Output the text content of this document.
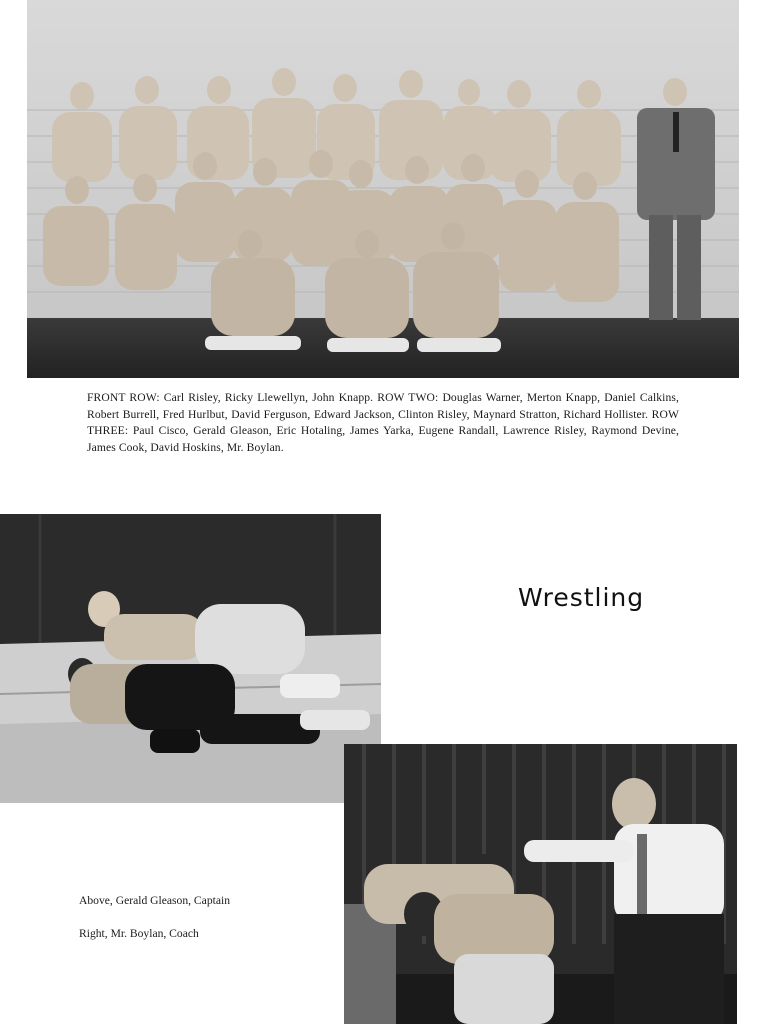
FRONT ROW: Carl Risley, Ricky Llewellyn, John Knapp. ROW TWO: Douglas Warner, Merton Knapp, Daniel Calkins, Robert Burrell, Fred Hurlbut, David Ferguson, Edward Jackson, Clinton Risley, Maynard Stratton, Richard Hollister. ROW THREE: Paul Cisco, Gerald Gleason, Eric Hotaling, James Yarka, Eugene Randall, Lawrence Risley, Raymond Devine, James Cook, David Hoskins, Mr. Boylan.
Wrestling
Above, Gerald Gleason, Captain
Right, Mr. Boylan, Coach
